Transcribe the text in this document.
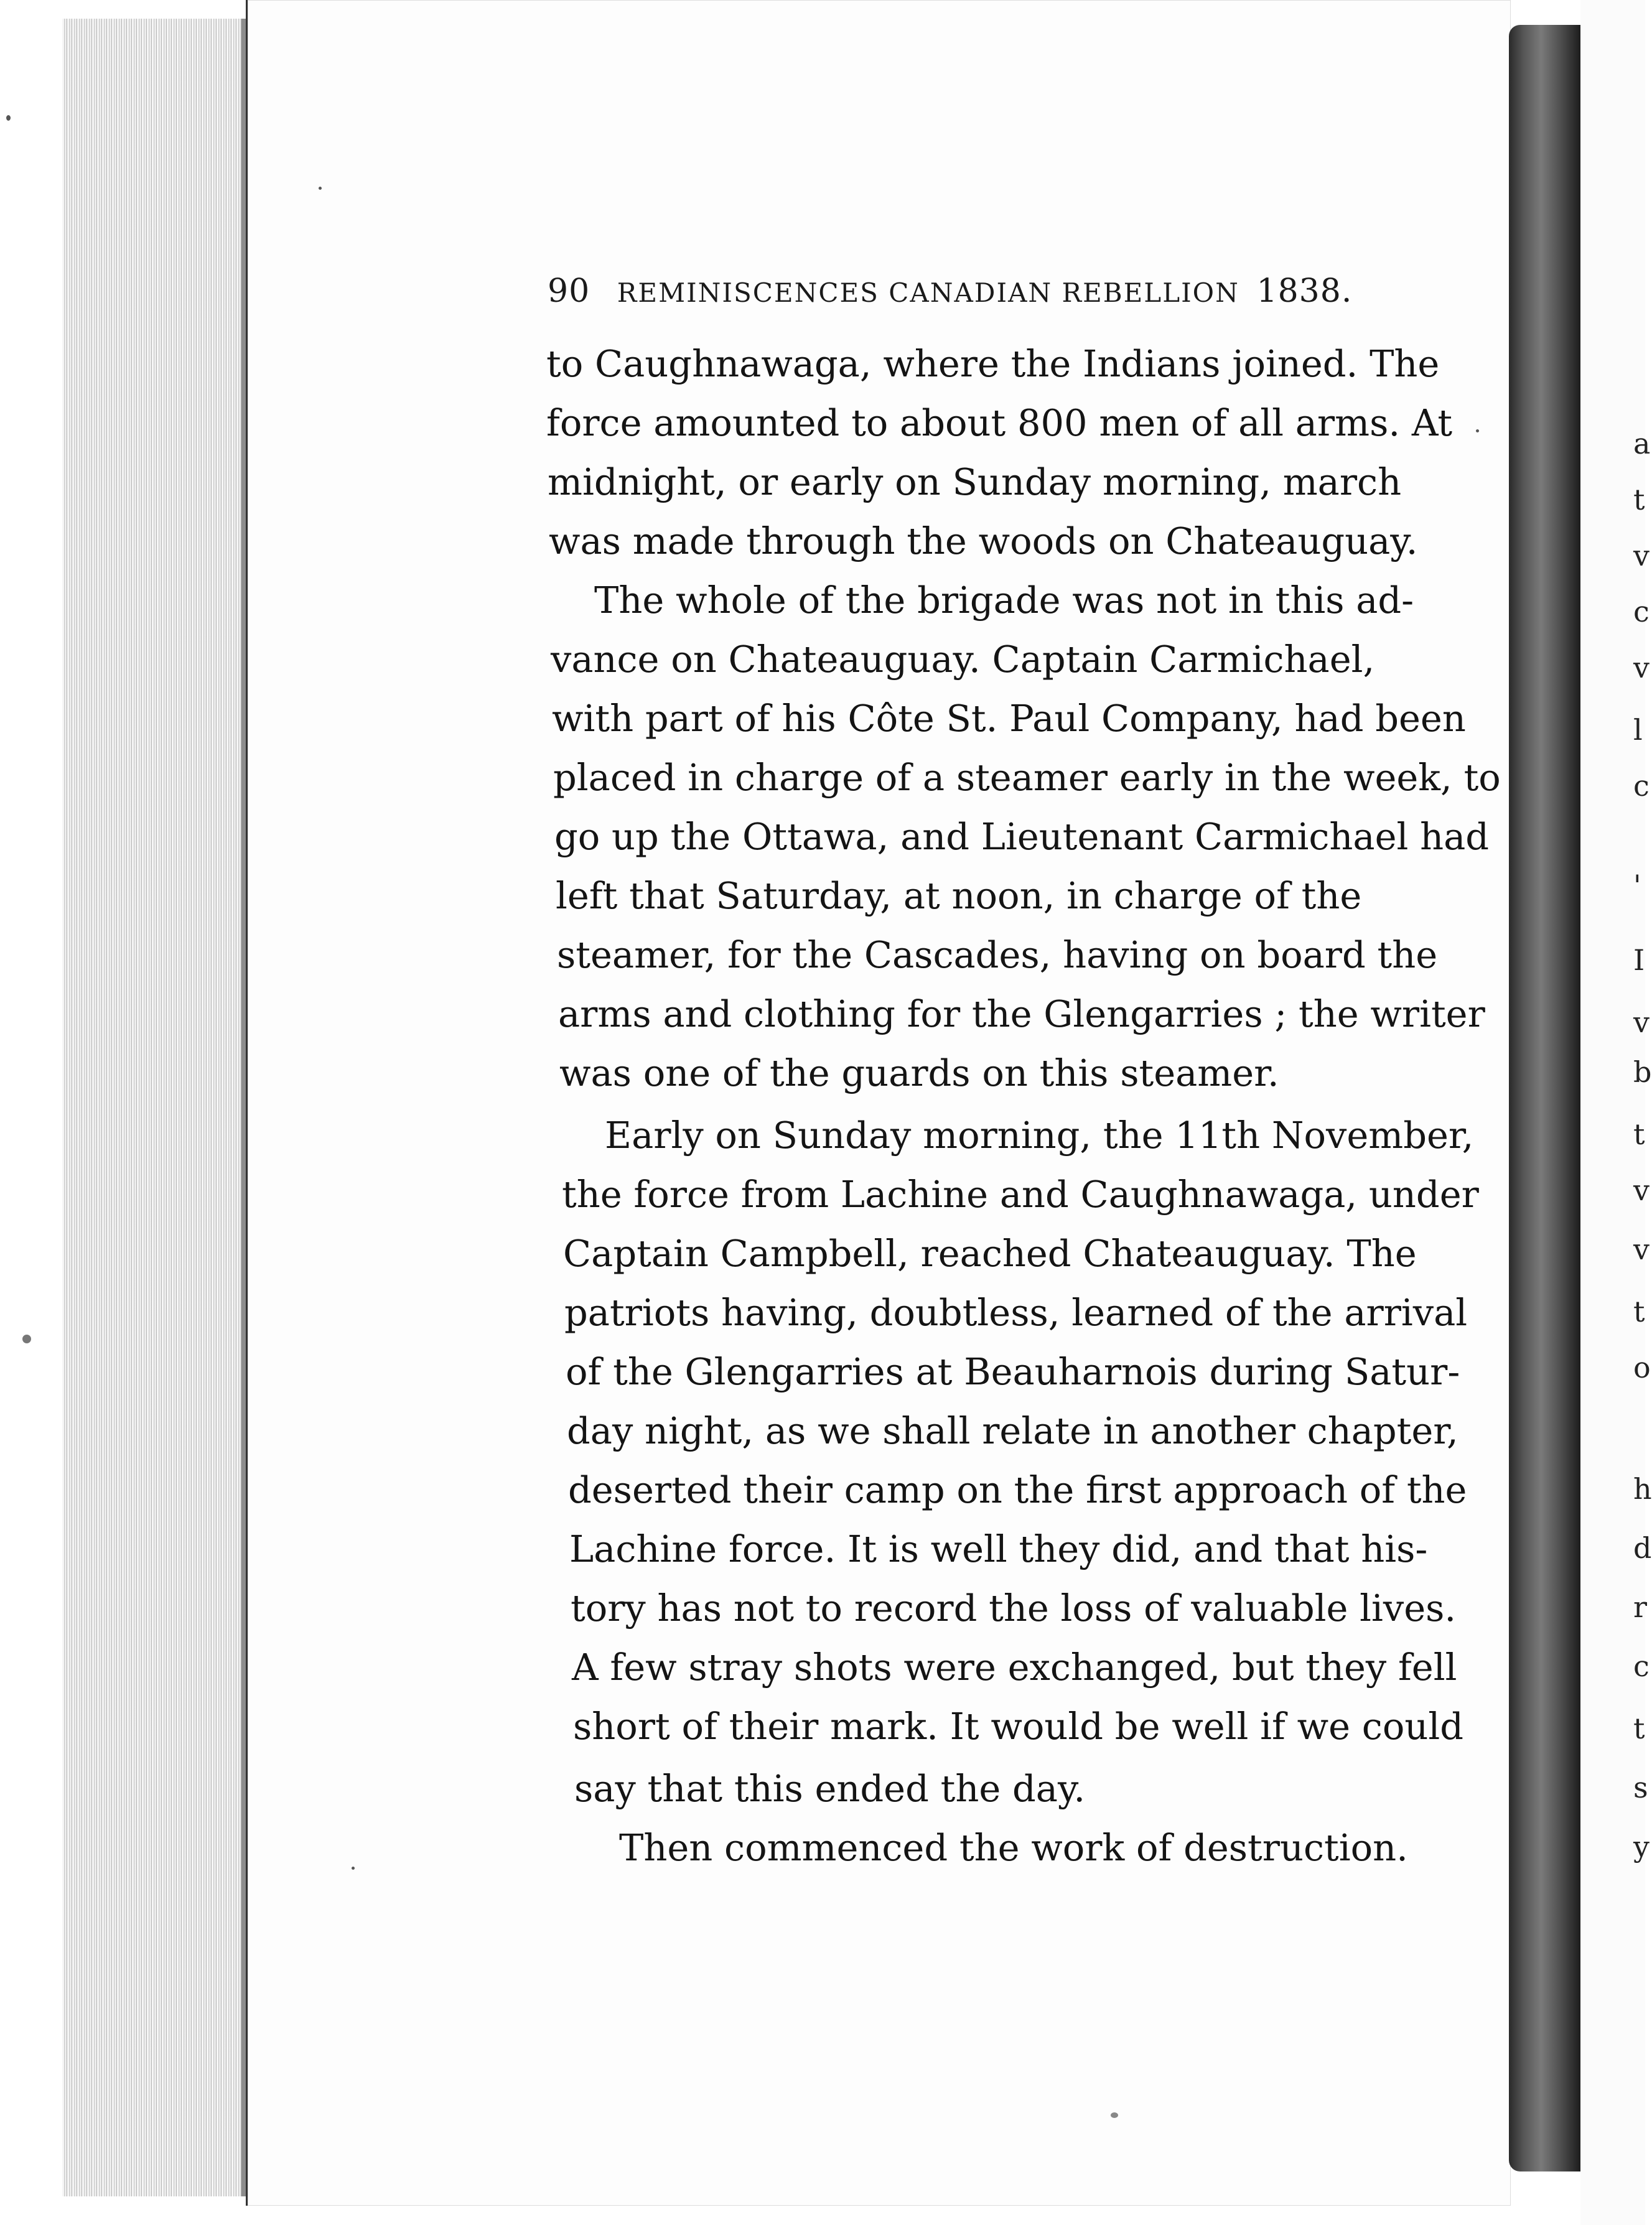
90 REMINISCENCES CANADIAN REBELLION 1838.
to Caughnawaga, where the Indians joined. The
force amounted to about 800 men of all arms. At
midnight, or early on Sunday morning, march
was made through the woods on Chateauguay.
The whole of the brigade was not in this ad-
vance on Chateauguay. Captain Carmichael,
with part of his Côte St. Paul Company, had been
placed in charge of a steamer early in the week, to
go up the Ottawa, and Lieutenant Carmichael had
left that Saturday, at noon, in charge of the
steamer, for the Cascades, having on board the
arms and clothing for the Glengarries ; the writer
was one of the guards on this steamer.
Early on Sunday morning, the 11th November,
the force from Lachine and Caughnawaga, under
Captain Campbell, reached Chateauguay. The
patriots having, doubtless, learned of the arrival
of the Glengarries at Beauharnois during Satur-
day night, as we shall relate in another chapter,
deserted their camp on the first approach of the
Lachine force. It is well they did, and that his-
tory has not to record the loss of valuable lives.
A few stray shots were exchanged, but they fell
short of their mark. It would be well if we could
say that this ended the day.
Then commenced the work of destruction.
a
t
v
c
v
l
c
'
I
v
b
t
v
v
t
o
h
d
r
c
t
s
y
